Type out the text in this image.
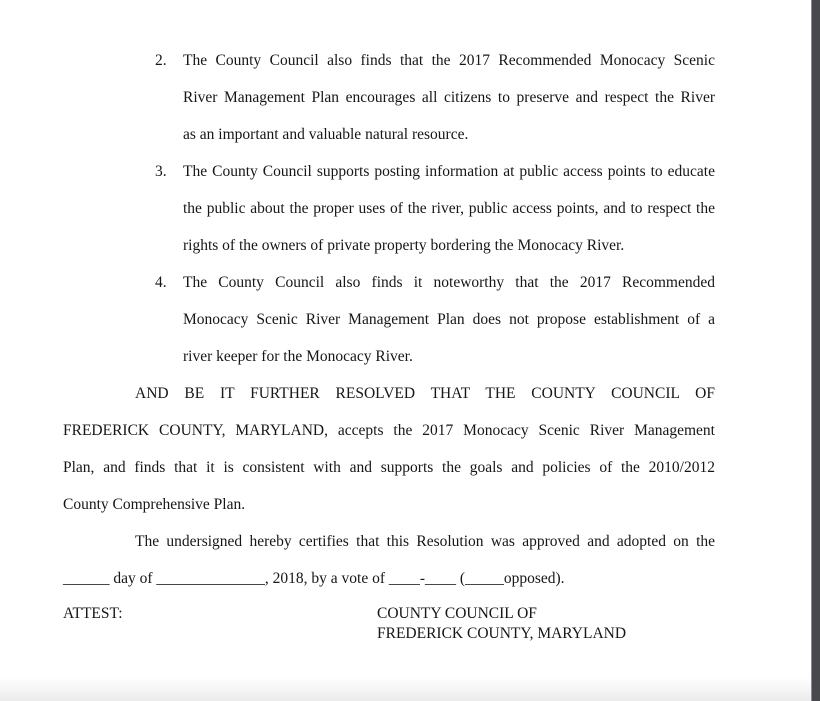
2.	The County Council also finds that the 2017 Recommended Monocacy Scenic
River Management Plan encourages all citizens to preserve and respect the River
as an important and valuable natural resource.
3.	The County Council supports posting information at public access points to educate
the public about the proper uses of the river, public access points, and to respect the
rights of the owners of private property bordering the Monocacy River.
4.	The County Council also finds it noteworthy that the 2017 Recommended
Monocacy Scenic River Management Plan does not propose establishment of a
river keeper for the Monocacy River.
AND BE IT FURTHER RESOLVED THAT THE COUNTY COUNCIL OF
FREDERICK COUNTY, MARYLAND, accepts the 2017 Monocacy Scenic River Management
Plan, and finds that it is consistent with and supports the goals and policies of the 2010/2012
County Comprehensive Plan.
The undersigned hereby certifies that this Resolution was approved and adopted on the
______ day of ______________, 2018, by a vote of ____-____ (_____opposed).
ATTEST:	COUNTY COUNCIL OF
FREDERICK COUNTY, MARYLAND
